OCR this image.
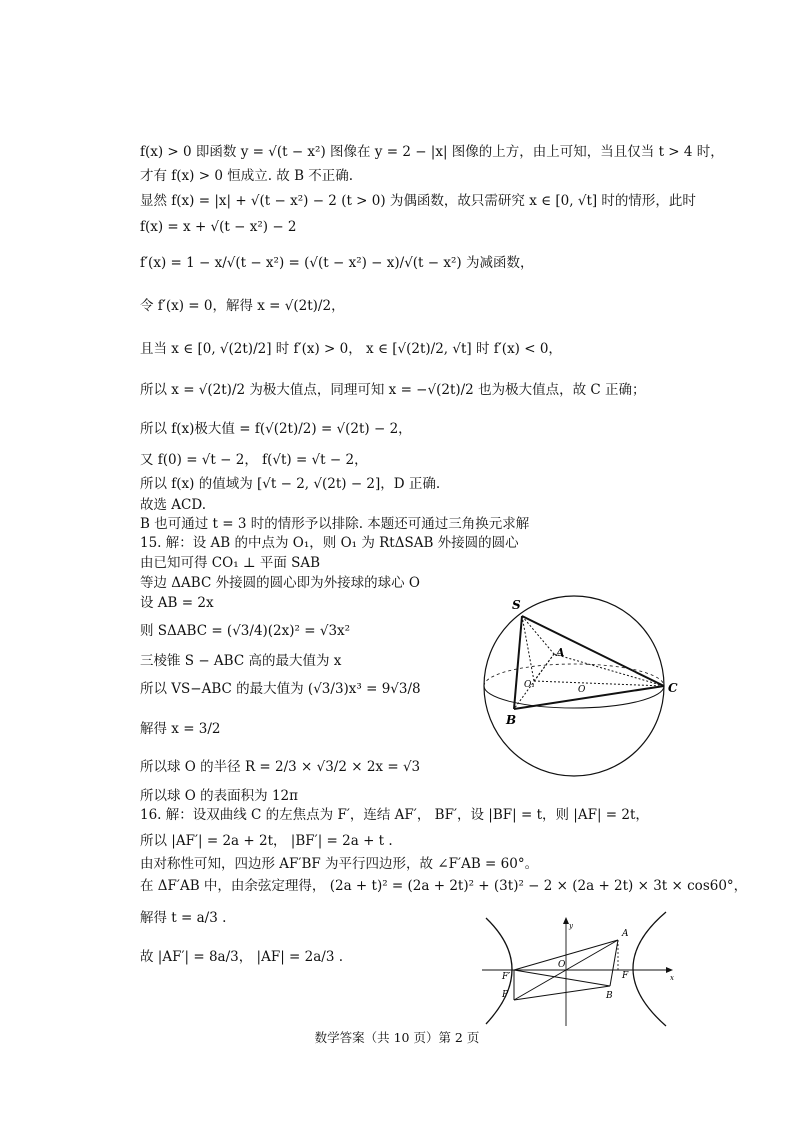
f(x) > 0 即函数 y = √(t − x²) 图像在 y = 2 − |x| 图像的上方，由上可知，当且仅当 t > 4 时，
才有 f(x) > 0 恒成立. 故 B 不正确.
显然 f(x) = |x| + √(t − x²) − 2 (t > 0) 为偶函数，故只需研究 x ∈ [0, √t] 时的情形，此时
f(x) = x + √(t − x²) − 2
f′(x) = 1 − x/√(t − x²) = (√(t − x²) − x)/√(t − x²) 为减函数，
令 f′(x) = 0，解得 x = √(2t)/2，
且当 x ∈ [0, √(2t)/2] 时 f′(x) > 0， x ∈ [√(2t)/2, √t] 时 f′(x) < 0，
所以 x = √(2t)/2 为极大值点，同理可知 x = −√(2t)/2 也为极大值点，故 C 正确；
所以 f(x)极大值 = f(√(2t)/2) = √(2t) − 2，
又 f(0) = √t − 2， f(√t) = √t − 2，
所以 f(x) 的值域为 [√t − 2, √(2t) − 2]，D 正确.
故选 ACD.
B 也可通过 t = 3 时的情形予以排除. 本题还可通过三角换元求解
15. 解：设 AB 的中点为 O₁，则 O₁ 为 RtΔSAB 外接圆的圆心
由已知可得 CO₁ ⊥ 平面 SAB
等边 ΔABC 外接圆的圆心即为外接球的球心 O
设 AB = 2x
则 SΔABC = (√3/4)(2x)² = √3x²
三棱锥 S − ABC 高的最大值为 x
所以 VS−ABC 的最大值为 (√3/3)x³ = 9√3/8
解得 x = 3/2
所以球 O 的半径 R = 2/3 × √3/2 × 2x = √3
所以球 O 的表面积为 12π
16. 解：设双曲线 C 的左焦点为 F′，连结 AF′， BF′，设 |BF| = t，则 |AF| = 2t，
所以 |AF′| = 2a + 2t， |BF′| = 2a + t .
由对称性可知，四边形 AF′BF 为平行四边形，故 ∠F′AB = 60°。
在 ΔF′AB 中，由余弦定理得， (2a + t)² = (2a + 2t)² + (3t)² − 2 × (2a + 2t) × 3t × cos60°，
解得 t = a/3 .
故 |AF′| = 8a/3， |AF| = 2a/3 .
S
A
B
C
O₁	O
A
B
F
F′
P
O
y
x
数学答案（共 10 页）第 2 页
